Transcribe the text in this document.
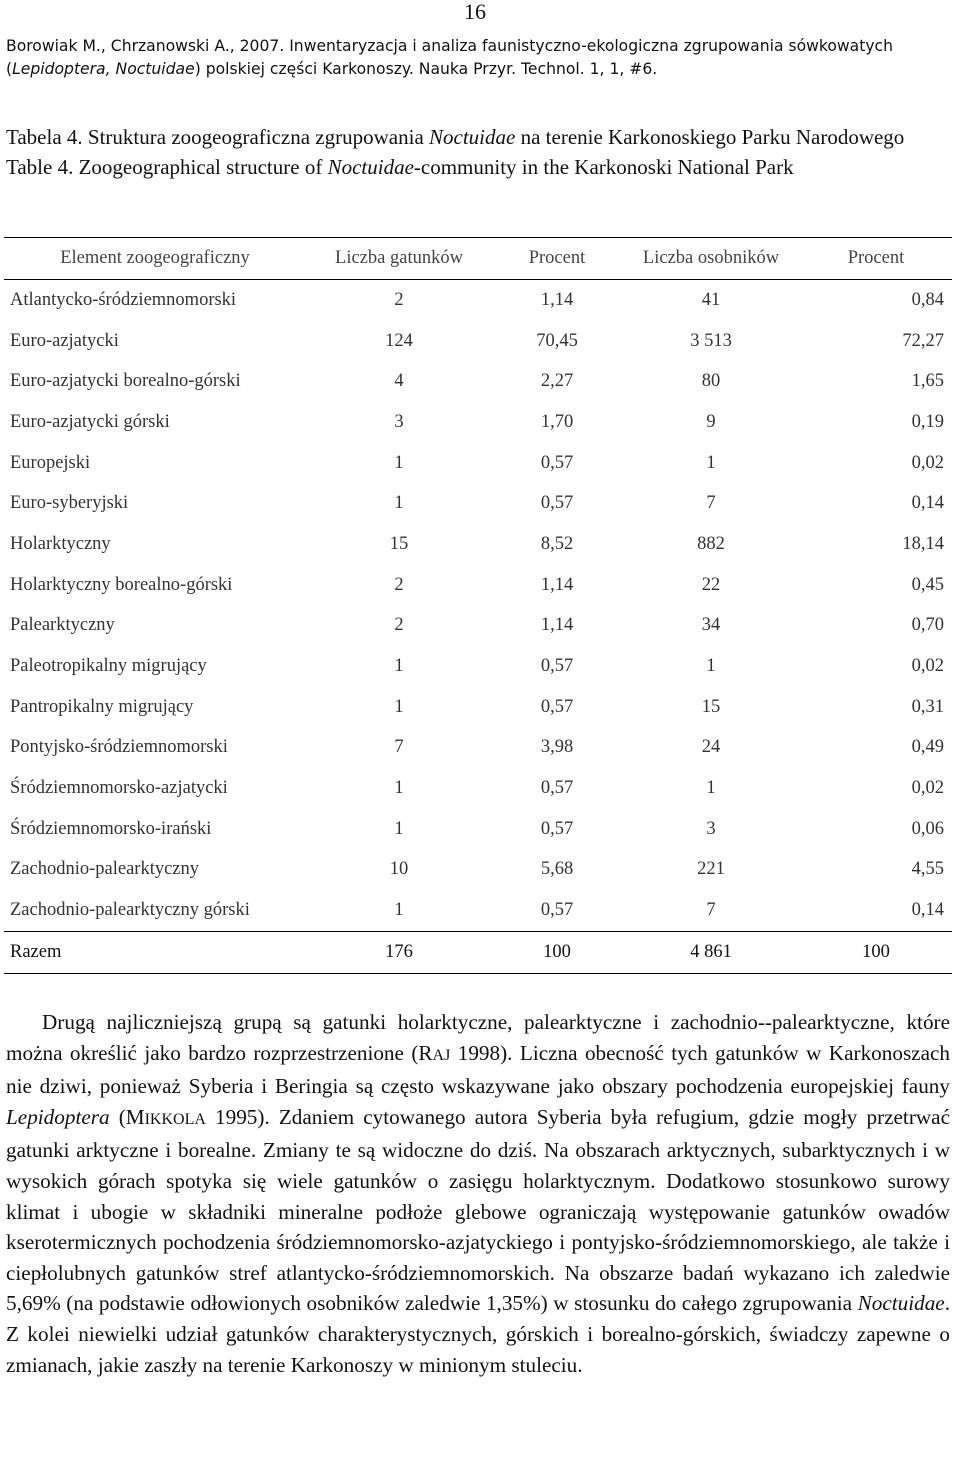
16
Borowiak M., Chrzanowski A., 2007. Inwentaryzacja i analiza faunistyczno-ekologiczna zgrupowania sówkowatych
(Lepidoptera, Noctuidae) polskiej części Karkonoszy. Nauka Przyr. Technol. 1, 1, #6.
Tabela 4. Struktura zoogeograficzna zgrupowania Noctuidae na terenie Karkonoskiego Parku Narodowego
Table 4. Zoogeographical structure of Noctuidae-community in the Karkonoski National Park
Element zoogeograficzny	Liczba gatunków	Procent	Liczba osobników	Procent
Atlantycko-śródziemnomorski	2	1,14	41	0,84
Euro-azjatycki	124	70,45	3 513	72,27
Euro-azjatycki borealno-górski	4	2,27	80	1,65
Euro-azjatycki górski	3	1,70	9	0,19
Europejski	1	0,57	1	0,02
Euro-syberyjski	1	0,57	7	0,14
Holarktyczny	15	8,52	882	18,14
Holarktyczny borealno-górski	2	1,14	22	0,45
Palearktyczny	2	1,14	34	0,70
Paleotropikalny migrujący	1	0,57	1	0,02
Pantropikalny migrujący	1	0,57	15	0,31
Pontyjsko-śródziemnomorski	7	3,98	24	0,49
Śródziemnomorsko-azjatycki	1	0,57	1	0,02
Śródziemnomorsko-irański	1	0,57	3	0,06
Zachodnio-palearktyczny	10	5,68	221	4,55
Zachodnio-palearktyczny górski	1	0,57	7	0,14
Razem	176	100	4 861	100

Drugą najliczniejszą grupą są gatunki holarktyczne, palearktyczne i zachodnio--palearktyczne, które można określić jako bardzo rozprzestrzenione (RAJ 1998). Liczna obecność tych gatunków w Karkonoszach nie dziwi, ponieważ Syberia i Beringia są często wskazywane jako obszary pochodzenia europejskiej fauny Lepidoptera (MIKKOLA 1995). Zdaniem cytowanego autora Syberia była refugium, gdzie mogły przetrwać gatunki arktyczne i borealne. Zmiany te są widoczne do dziś. Na obszarach arktycznych, subarktycznych i w wysokich górach spotyka się wiele gatunków o zasięgu holarktycznym. Dodatkowo stosunkowo surowy klimat i ubogie w składniki mineralne podłoże glebowe ograniczają występowanie gatunków owadów kserotermicznych pochodzenia śródziemnomorsko-azjatyckiego i pontyjsko-śródziemnomorskiego, ale także i ciepłolubnych gatunków stref atlantycko-śródziemnomorskich. Na obszarze badań wykazano ich zaledwie 5,69% (na podstawie odłowionych osobników zaledwie 1,35%) w stosunku do całego zgrupowania Noctuidae. Z kolei niewielki udział gatunków charakterystycznych, górskich i borealno-górskich, świadczy zapewne o zmianach, jakie zaszły na terenie Karkonoszy w minionym stuleciu.
